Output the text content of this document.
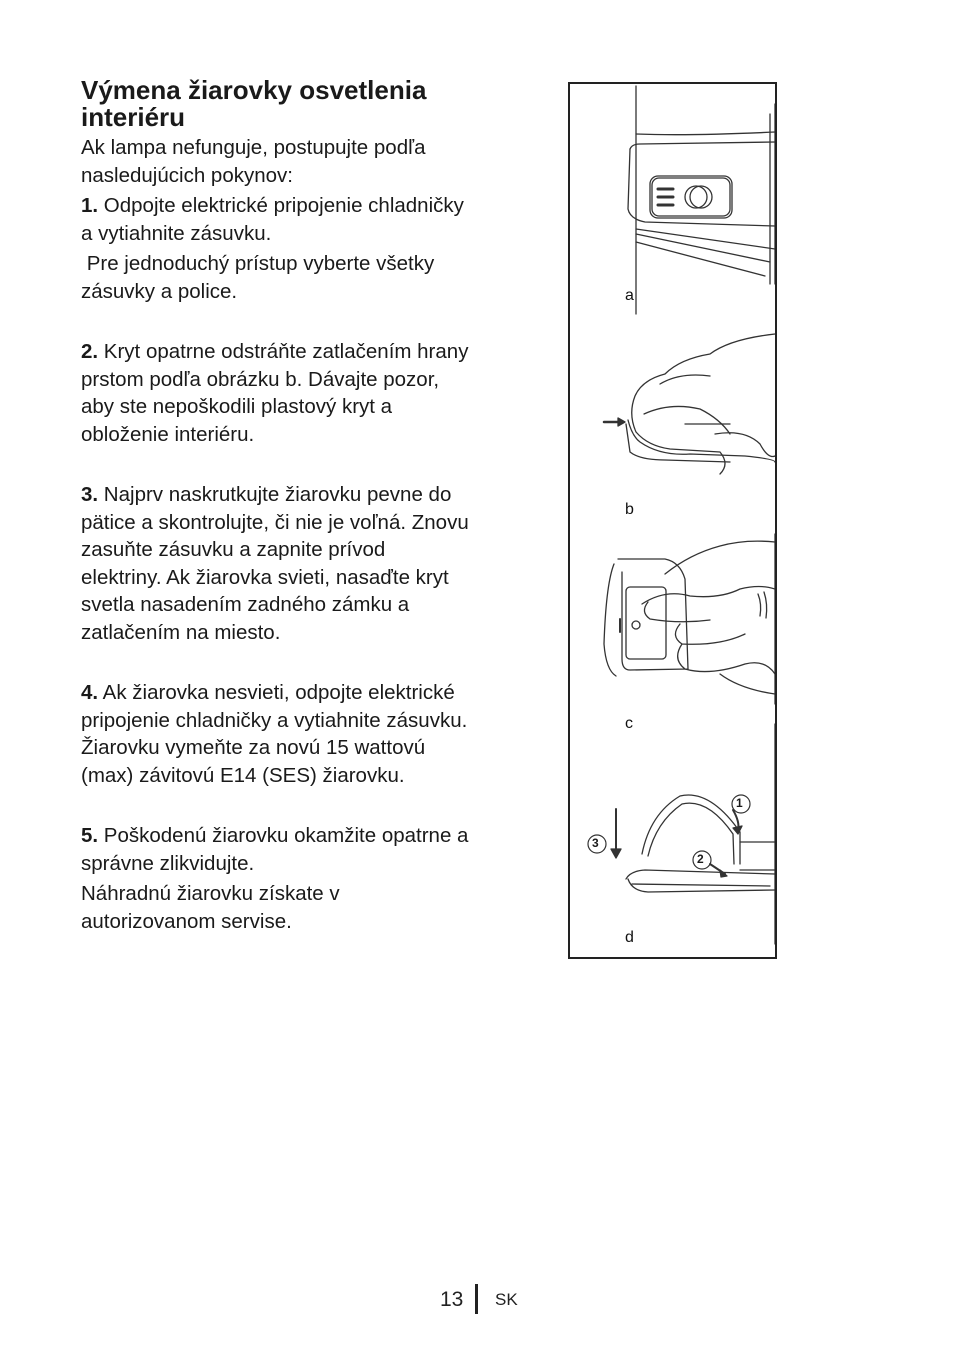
Výmena žiarovky osvetlenia interiéru

Ak lampa nefunguje, postupujte podľa nasledujúcich pokynov:

1. Odpojte elektrické pripojenie chladničky a vytiahnite zásuvku.

Pre jednoduchý prístup vyberte všetky zásuvky a police.

2. Kryt opatrne odstráňte zatlačením hrany prstom podľa obrázku b. Dávajte pozor, aby ste nepoškodili plastový kryt a obloženie interiéru.

3. Najprv naskrutkujte žiarovku pevne do pätice a skontrolujte, či nie je voľná. Znovu zasuňte zásuvku a zapnite prívod elektriny. Ak žiarovka svieti, nasaďte kryt svetla nasadením zadného zámku a zatlačením na miesto.

4. Ak žiarovka nesvieti, odpojte elektrické pripojenie chladničky a vytiahnite zásuvku. Žiarovku vymeňte za novú 15 wattovú (max) závitovú E14 (SES) žiarovku.

5. Poškodenú žiarovku okamžite opatrne a správne zlikvidujte.

Náhradnú žiarovku získate v autorizovanom servise.

a
b
c
d
1
2
3
13 SK
